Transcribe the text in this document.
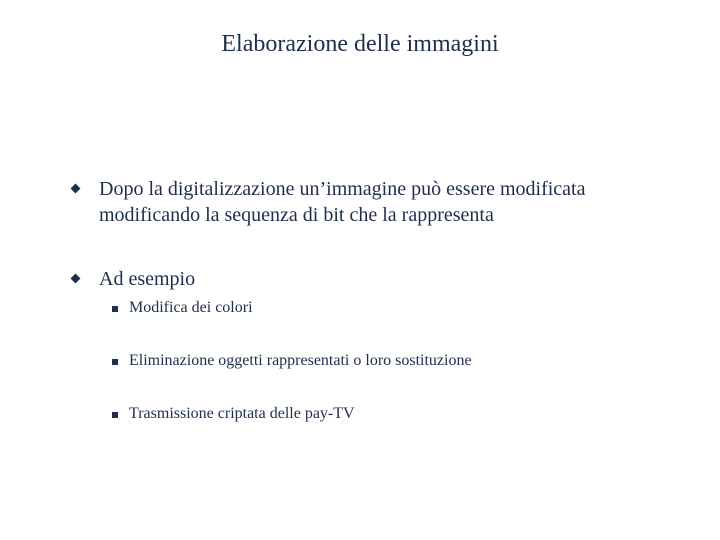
Elaborazione delle immagini
Dopo la digitalizzazione un’immagine può essere modificata
modificando la sequenza di bit che la rappresenta
Ad esempio
Modifica dei colori
Eliminazione oggetti rappresentati o loro sostituzione
Trasmissione criptata delle pay-TV
